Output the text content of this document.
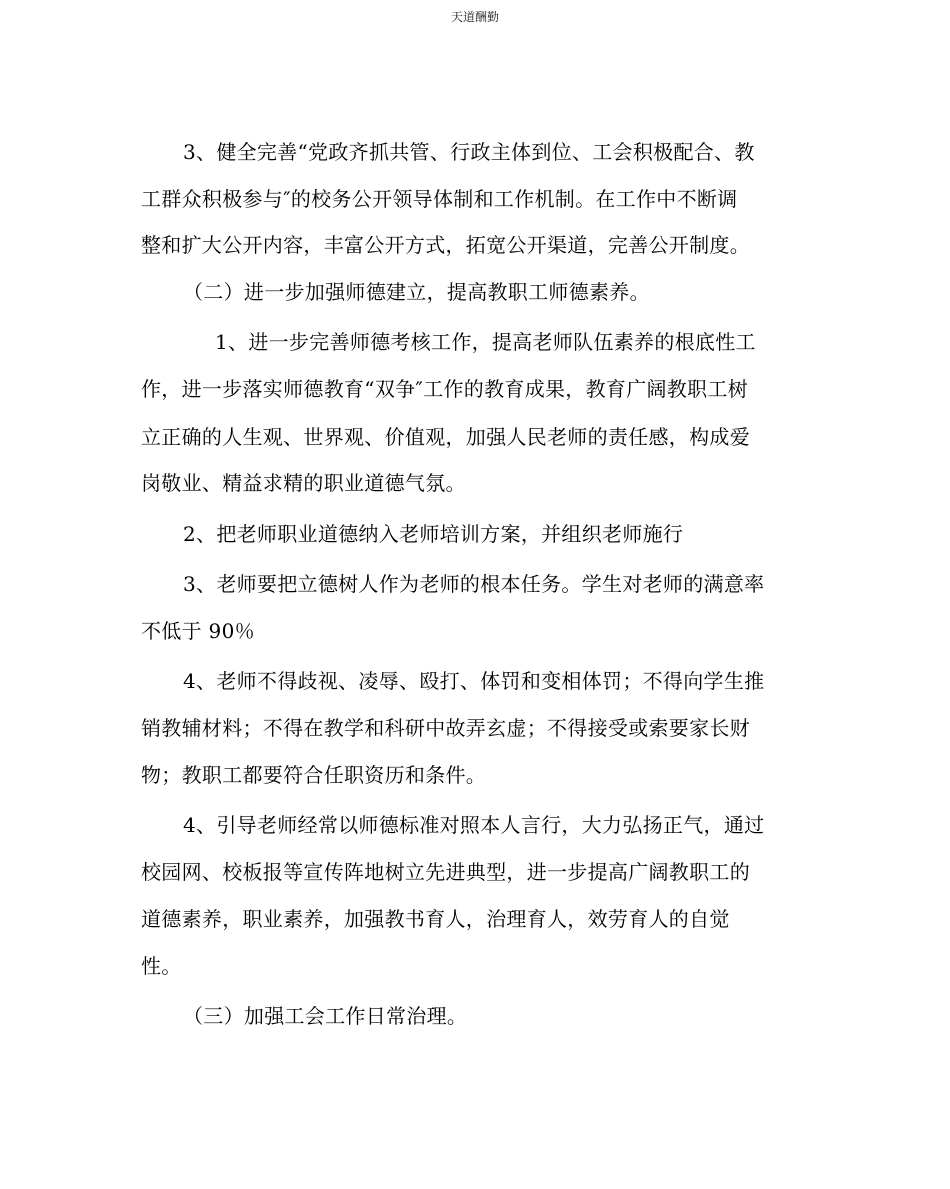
天道酬勤
3、健全完善“党政齐抓共管、行政主体到位、工会积极配合、教
工群众积极参与″的校务公开领导体制和工作机制。在工作中不断调
整和扩大公开内容，丰富公开方式，拓宽公开渠道，完善公开制度。
（二）进一步加强师德建立，提高教职工师德素养。
1、进一步完善师德考核工作，提高老师队伍素养的根底性工
作，进一步落实师德教育“双争″工作的教育成果，教育广阔教职工树
立正确的人生观、世界观、价值观，加强人民老师的责任感，构成爱
岗敬业、精益求精的职业道德气氛。
2、把老师职业道德纳入老师培训方案，并组织老师施行
3、老师要把立德树人作为老师的根本任务。学生对老师的满意率
不低于 90％
4、老师不得歧视、凌辱、殴打、体罚和变相体罚；不得向学生推
销教辅材料；不得在教学和科研中故弄玄虚；不得接受或索要家长财
物；教职工都要符合任职资历和条件。
4、引导老师经常以师德标准对照本人言行，大力弘扬正气，通过
校园网、校板报等宣传阵地树立先进典型，进一步提高广阔教职工的
道德素养，职业素养，加强教书育人，治理育人，效劳育人的自觉
性。
（三）加强工会工作日常治理。
